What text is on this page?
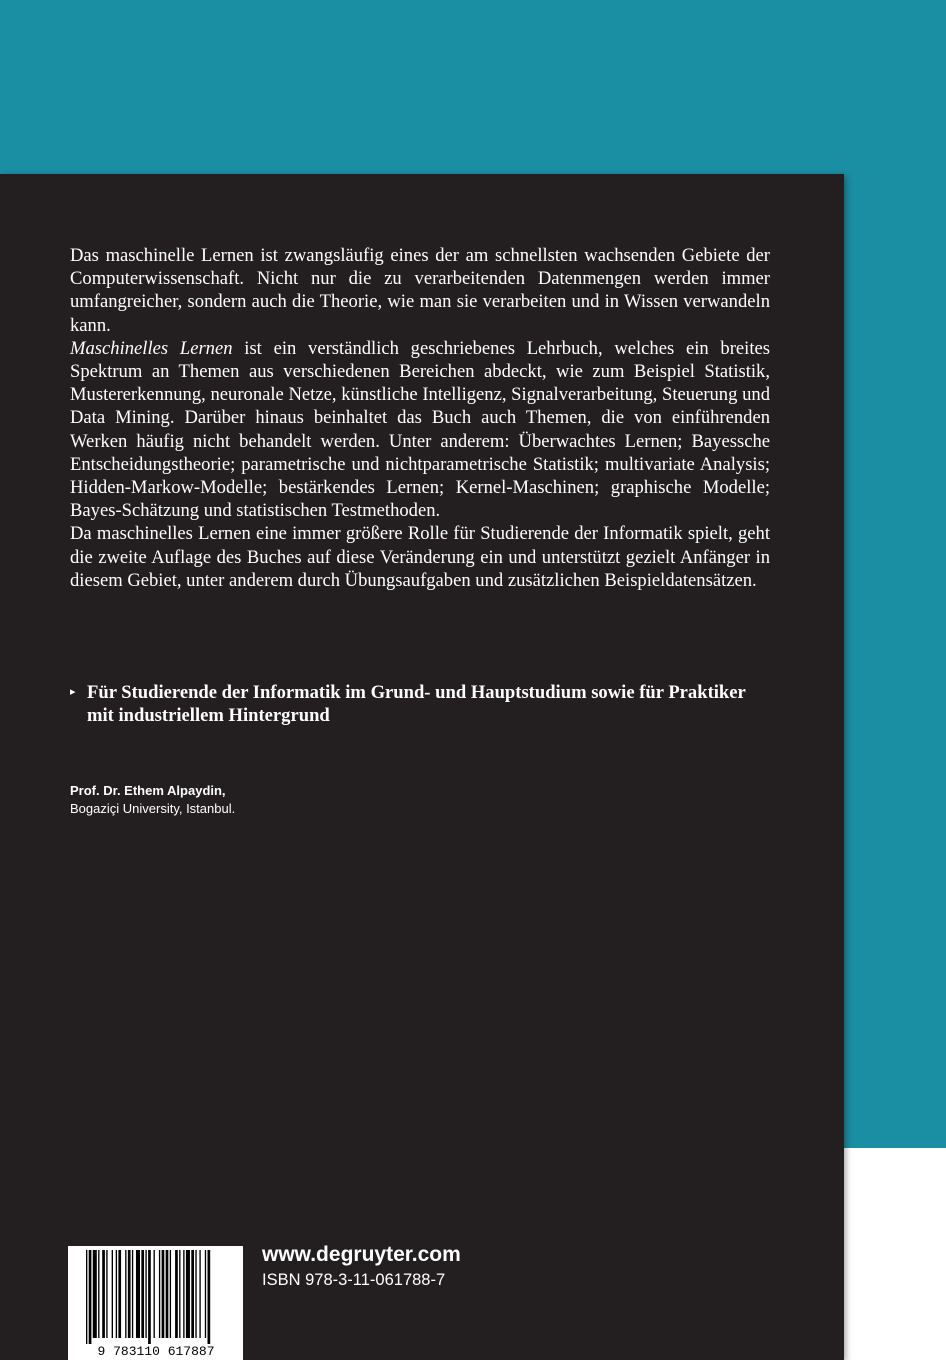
Das maschinelle Lernen ist zwangsläufig eines der am schnellsten wachsenden Gebiete der Computerwissenschaft. Nicht nur die zu verarbeitenden Datenmengen werden immer umfangreicher, sondern auch die Theorie, wie man sie verarbeiten und in Wissen verwandeln kann.

Maschinelles Lernen ist ein verständlich geschriebenes Lehrbuch, welches ein breites Spektrum an Themen aus verschiedenen Bereichen abdeckt, wie zum Beispiel Statistik, Mustererkennung, neuronale Netze, künstliche Intelligenz, Signalverarbeitung, Steuerung und Data Mining. Darüber hinaus beinhaltet das Buch auch Themen, die von einführenden Werken häufig nicht behandelt werden. Unter anderem: Überwachtes Lernen; Bayessche Entscheidungstheorie; parametrische und nichtparametrische Statistik; multivariate Analysis; Hidden-Markow-Modelle; bestärkendes Lernen; Kernel-Maschinen; graphische Modelle; Bayes-Schätzung und statistischen Testmethoden.

Da maschinelles Lernen eine immer größere Rolle für Studierende der Informatik spielt, geht die zweite Auflage des Buches auf diese Veränderung ein und unterstützt gezielt Anfänger in diesem Gebiet, unter anderem durch Übungsaufgaben und zusätzlichen Beispieldatensätzen.

▸ Für Studierende der Informatik im Grund- und Hauptstudium sowie für Praktiker mit industriellem Hintergrund
Prof. Dr. Ethem Alpaydin,
Bogaziçi University, Istanbul.
9 783110 617887
www.degruyter.com
ISBN 978-3-11-061788-7
